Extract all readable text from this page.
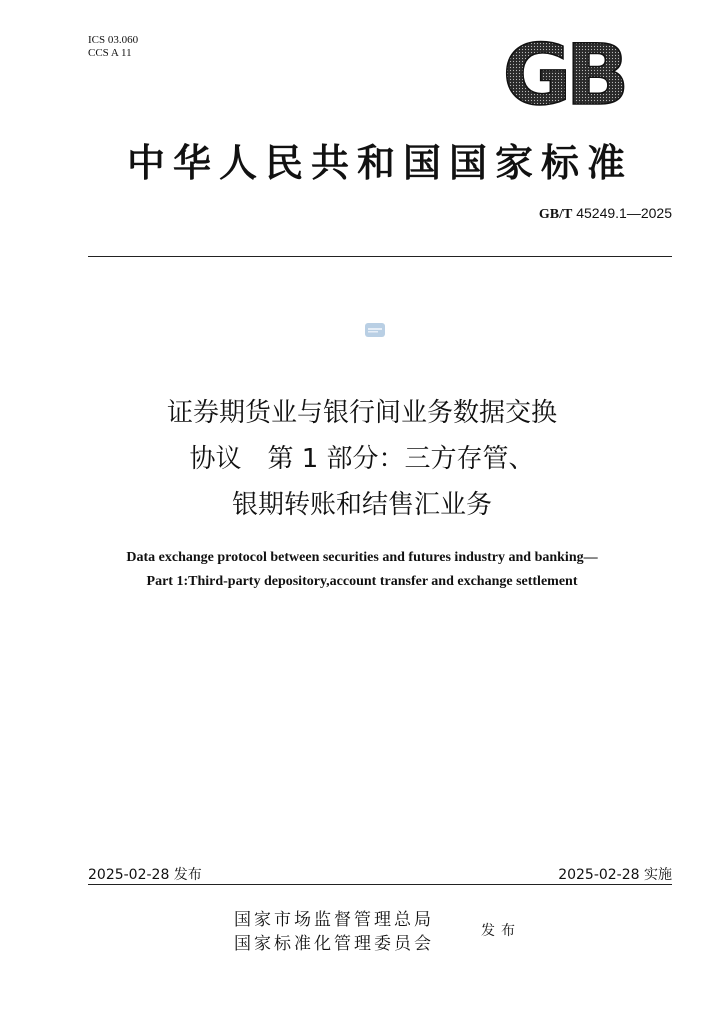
ICS 03.060
CCS A 11	GB
中华人民共和国国家标准
GB/T 45249.1—2025
证券期货业与银行间业务数据交换
协议　第 1 部分：三方存管、
银期转账和结售汇业务
Data exchange protocol between securities and futures industry and banking—
Part 1:Third-party depository,account transfer and exchange settlement
2025-02-28 发布	2025-02-28 实施
国家市场监督管理总局
国家标准化管理委员会
发布
